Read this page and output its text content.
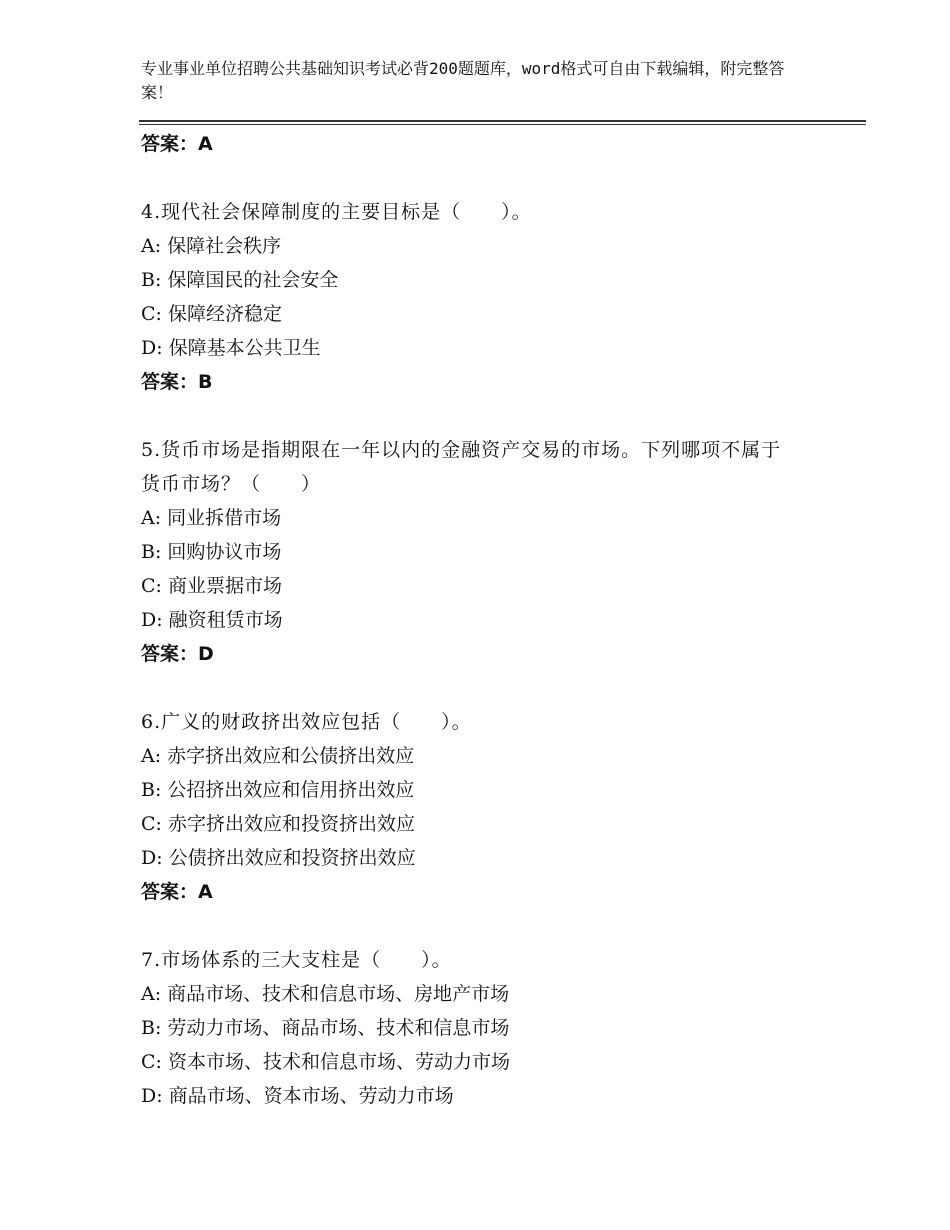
专业事业单位招聘公共基础知识考试必背200题题库，word格式可自由下载编辑，附完整答案！
答案：A
4.现代社会保障制度的主要目标是（　　）。
A: 保障社会秩序
B: 保障国民的社会安全
C: 保障经济稳定
D: 保障基本公共卫生
答案：B
5.货币市场是指期限在一年以内的金融资产交易的市场。下列哪项不属于货币市场？（　　）
A: 同业拆借市场
B: 回购协议市场
C: 商业票据市场
D: 融资租赁市场
答案：D
6.广义的财政挤出效应包括（　　）。
A: 赤字挤出效应和公债挤出效应
B: 公招挤出效应和信用挤出效应
C: 赤字挤出效应和投资挤出效应
D: 公债挤出效应和投资挤出效应
答案：A
7.市场体系的三大支柱是（　　）。
A: 商品市场、技术和信息市场、房地产市场
B: 劳动力市场、商品市场、技术和信息市场
C: 资本市场、技术和信息市场、劳动力市场
D: 商品市场、资本市场、劳动力市场
